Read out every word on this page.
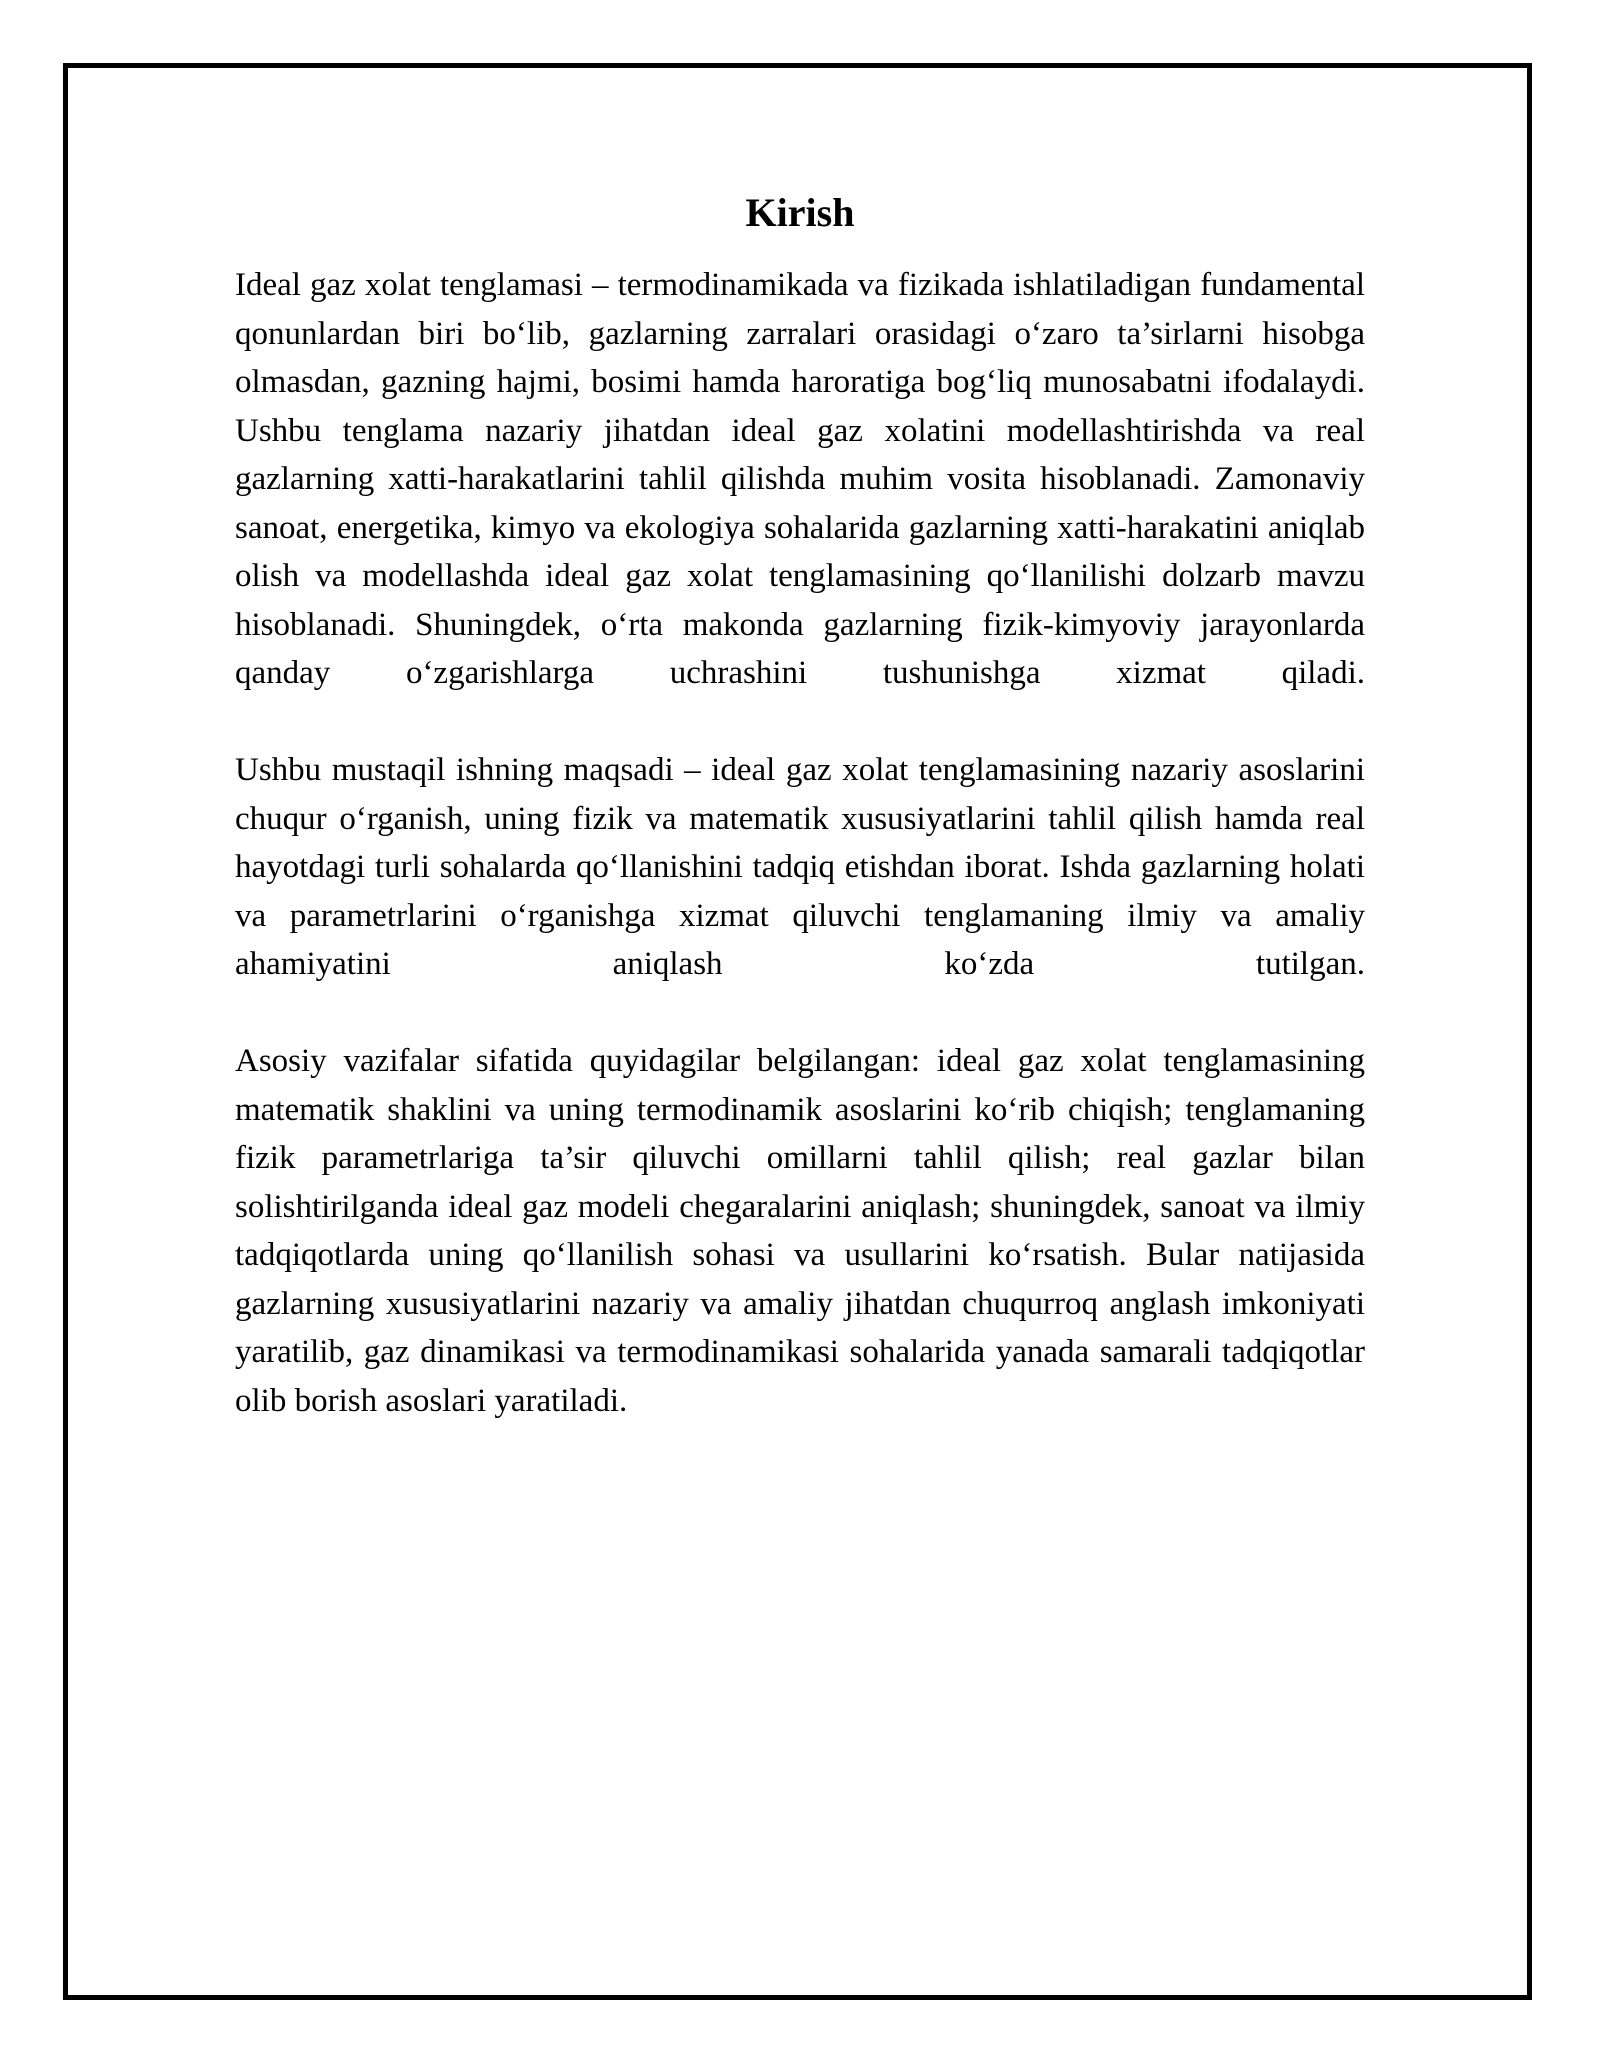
Kirish

Ideal gaz xolat tenglamasi – termodinamikada va fizikada ishlatiladigan fundamental qonunlardan biri bo‘lib, gazlarning zarralari orasidagi o‘zaro ta’sirlarni hisobga olmasdan, gazning hajmi, bosimi hamda haroratiga bog‘liq munosabatni ifodalaydi. Ushbu tenglama nazariy jihatdan ideal gaz xolatini modellashtirishda va real gazlarning xatti-harakatlarini tahlil qilishda muhim vosita hisoblanadi. Zamonaviy sanoat, energetika, kimyo va ekologiya sohalarida gazlarning xatti-harakatini aniqlab olish va modellashda ideal gaz xolat tenglamasining qo‘llanilishi dolzarb mavzu hisoblanadi. Shuningdek, o‘rta makonda gazlarning fizik-kimyoviy jarayonlarda qanday o‘zgarishlarga uchrashini tushunishga xizmat qiladi.

Ushbu mustaqil ishning maqsadi – ideal gaz xolat tenglamasining nazariy asoslarini chuqur o‘rganish, uning fizik va matematik xususiyatlarini tahlil qilish hamda real hayotdagi turli sohalarda qo‘llanishini tadqiq etishdan iborat. Ishda gazlarning holati va parametrlarini o‘rganishga xizmat qiluvchi tenglamaning ilmiy va amaliy ahamiyatini aniqlash ko‘zda tutilgan.

Asosiy vazifalar sifatida quyidagilar belgilangan: ideal gaz xolat tenglamasining matematik shaklini va uning termodinamik asoslarini ko‘rib chiqish; tenglamaning fizik parametrlariga ta’sir qiluvchi omillarni tahlil qilish; real gazlar bilan solishtirilganda ideal gaz modeli chegaralarini aniqlash; shuningdek, sanoat va ilmiy tadqiqotlarda uning qo‘llanilish sohasi va usullarini ko‘rsatish. Bular natijasida gazlarning xususiyatlarini nazariy va amaliy jihatdan chuqurroq anglash imkoniyati yaratilib, gaz dinamikasi va termodinamikasi sohalarida yanada samarali tadqiqotlar olib borish asoslari yaratiladi.
